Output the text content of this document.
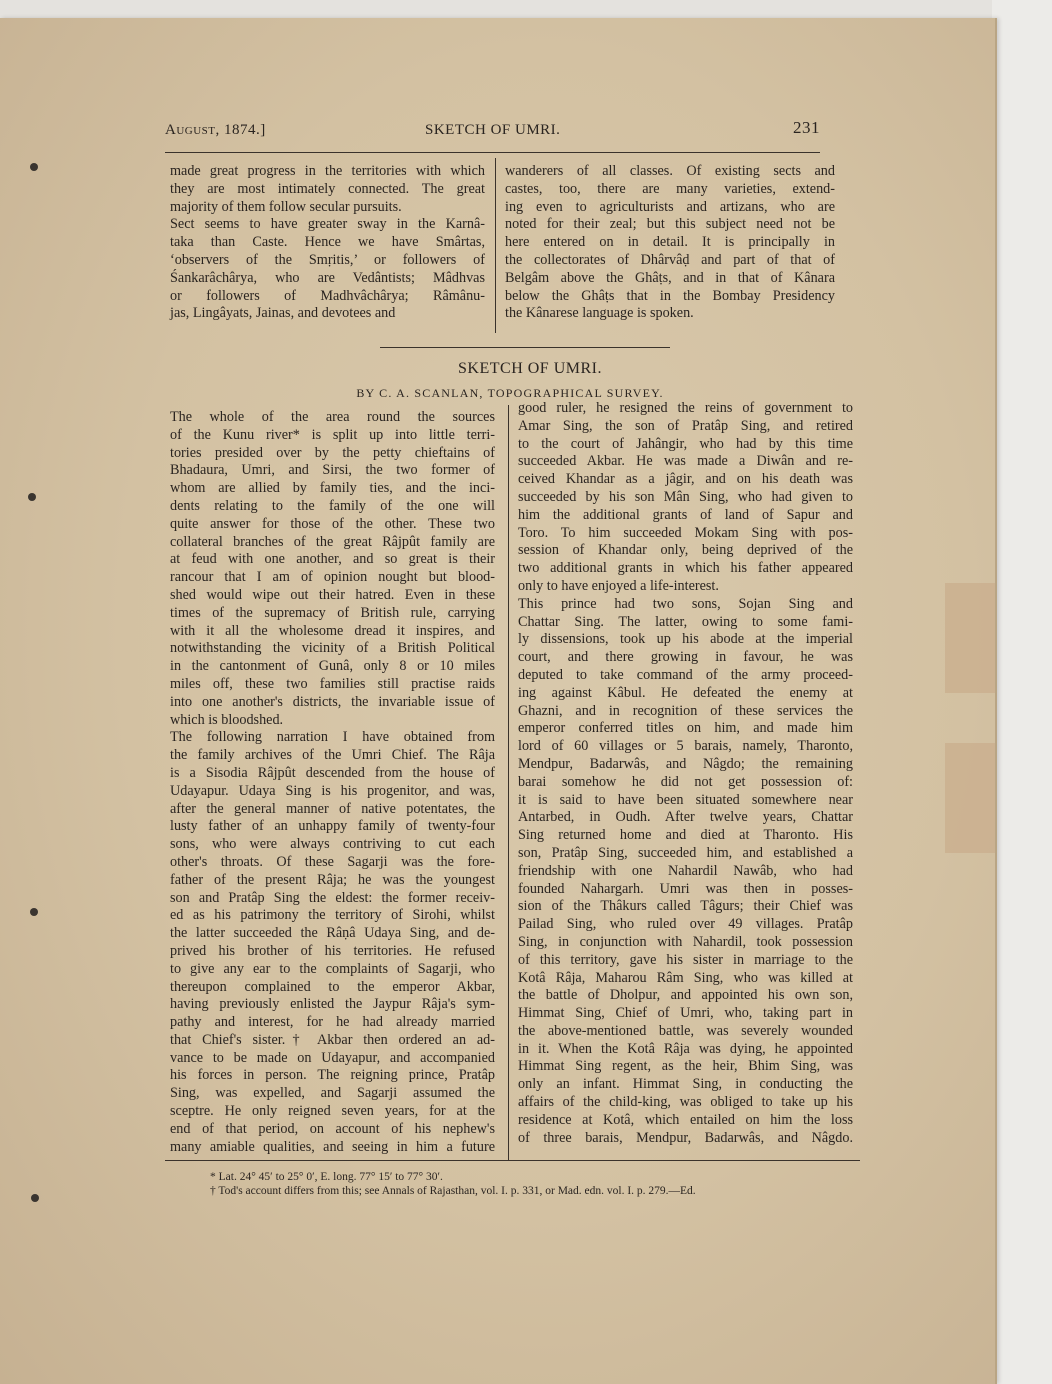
August, 1874.]	SKETCH OF UMRI.	231
made great progress in the territories with which
they are most intimately connected. The great
majority of them follow secular pursuits.
Sect seems to have greater sway in the Karnâ-
taka than Caste. Hence we have Smârtas,
‘observers of the Smṛitis,’ or followers of
Śankarâchârya, who are Vedântists; Mâdhvas
or followers of Madhvâchârya; Râmânu-
jas, Lingâyats, Jainas, and devotees and
wanderers of all classes. Of existing sects and
castes, too, there are many varieties, extend-
ing even to agriculturists and artizans, who are
noted for their zeal; but this subject need not be
here entered on in detail. It is principally in
the collectorates of Dhârvâḍ and part of that of
Belgâm above the Ghâṭs, and in that of Kânara
below the Ghâṭs that in the Bombay Presidency
the Kânarese language is spoken.
SKETCH OF UMRI.
BY C. A. SCANLAN, TOPOGRAPHICAL SURVEY.
The whole of the area round the sources
of the Kunu river* is split up into little terri-
tories presided over by the petty chieftains of
Bhadaura, Umri, and Sirsi, the two former of
whom are allied by family ties, and the inci-
dents relating to the family of the one will
quite answer for those of the other. These two
collateral branches of the great Râjpût family are
at feud with one another, and so great is their
rancour that I am of opinion nought but blood-
shed would wipe out their hatred. Even in these
times of the supremacy of British rule, carrying
with it all the wholesome dread it inspires, and
notwithstanding the vicinity of a British Political
in the cantonment of Gunâ, only 8 or 10 miles
miles off, these two families still practise raids
into one another's districts, the invariable issue of
which is bloodshed.
The following narration I have obtained from
the family archives of the Umri Chief. The Râja
is a Sisodia Râjpût descended from the house of
Udayapur. Udaya Sing is his progenitor, and was,
after the general manner of native potentates, the
lusty father of an unhappy family of twenty-four
sons, who were always contriving to cut each
other's throats. Of these Sagarji was the fore-
father of the present Râja; he was the youngest
son and Pratâp Sing the eldest: the former receiv-
ed as his patrimony the territory of Sirohi, whilst
the latter succeeded the Râṇâ Udaya Sing, and de-
prived his brother of his territories. He refused
to give any ear to the complaints of Sagarji, who
thereupon complained to the emperor Akbar,
having previously enlisted the Jaypur Râja's sym-
pathy and interest, for he had already married
that Chief's sister.† Akbar then ordered an ad-
vance to be made on Udayapur, and accompanied
his forces in person. The reigning prince, Pratâp
Sing, was expelled, and Sagarji assumed the
sceptre. He only reigned seven years, for at the
end of that period, on account of his nephew's
many amiable qualities, and seeing in him a future
good ruler, he resigned the reins of government to
Amar Sing, the son of Pratâp Sing, and retired
to the court of Jahângir, who had by this time
succeeded Akbar. He was made a Diwân and re-
ceived Khandar as a jâgir, and on his death was
succeeded by his son Mân Sing, who had given to
him the additional grants of land of Sapur and
Toro. To him succeeded Mokam Sing with pos-
session of Khandar only, being deprived of the
two additional grants in which his father appeared
only to have enjoyed a life-interest.
This prince had two sons, Sojan Sing and
Chattar Sing. The latter, owing to some fami-
ly dissensions, took up his abode at the imperial
court, and there growing in favour, he was
deputed to take command of the army proceed-
ing against Kâbul. He defeated the enemy at
Ghazni, and in recognition of these services the
emperor conferred titles on him, and made him
lord of 60 villages or 5 barais, namely, Tharonto,
Mendpur, Badarwâs, and Nâgdo; the remaining
barai somehow he did not get possession of:
it is said to have been situated somewhere near
Antarbed, in Oudh. After twelve years, Chattar
Sing returned home and died at Tharonto. His
son, Pratâp Sing, succeeded him, and established a
friendship with one Nahardil Nawâb, who had
founded Nahargarh. Umri was then in posses-
sion of the Thâkurs called Tâgurs; their Chief was
Pailad Sing, who ruled over 49 villages. Pratâp
Sing, in conjunction with Nahardil, took possession
of this territory, gave his sister in marriage to the
Kotâ Râja, Maharou Râm Sing, who was killed at
the battle of Dholpur, and appointed his own son,
Himmat Sing, Chief of Umri, who, taking part in
the above-mentioned battle, was severely wounded
in it. When the Kotâ Râja was dying, he appointed
Himmat Sing regent, as the heir, Bhim Sing, was
only an infant. Himmat Sing, in conducting the
affairs of the child-king, was obliged to take up his
residence at Kotâ, which entailed on him the loss
of three barais, Mendpur, Badarwâs, and Nâgdo.
* Lat. 24° 45′ to 25° 0′, E. long. 77° 15′ to 77° 30′.
† Tod's account differs from this; see Annals of Rajasthan, vol. I. p. 331, or Mad. edn. vol. I. p. 279.—Ed.
